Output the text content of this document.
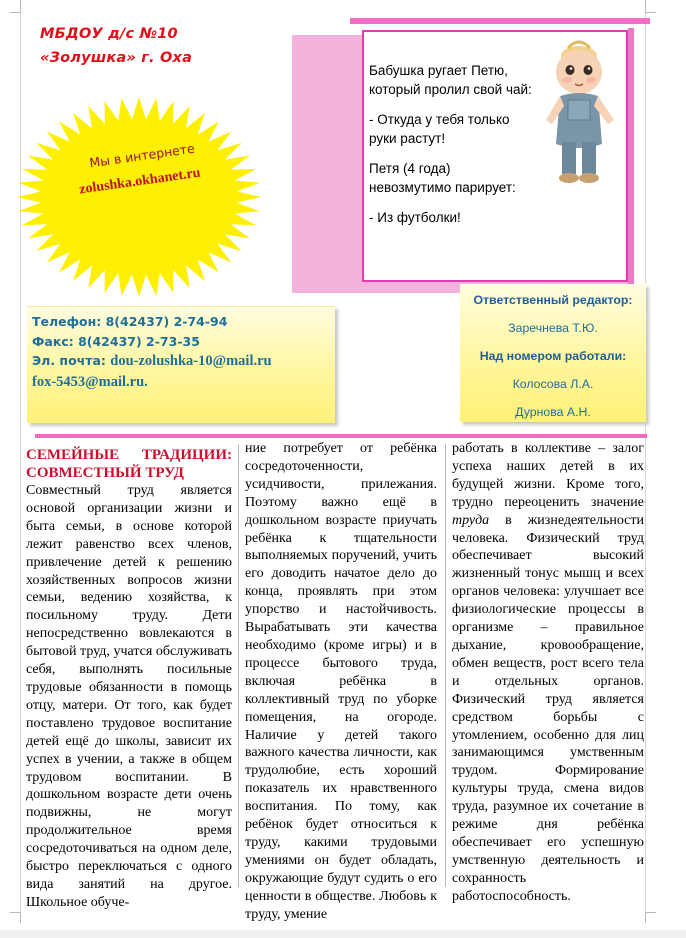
МБДОУ д/с №10
«Золушка» г. Оха
Мы в интернете
zolushka.okhanet.ru

Бабушка ругает Петю, который пролил свой чай:

- Откуда у тебя только руки растут!

Петя (4 года) невозмутимо парирует:

- Из футболки!

Телефон: 8(42437) 2-74-94
Факс: 8(42437) 2-73-35
Эл. почта: dou-zolushka-10@mail.ru
fox-5453@mail.ru.
Ответственный редактор:
Заречнева Т.Ю.
Над номером работали:
Колосова Л.А.
Дурнова А.Н.
СЕМЕЙНЫЕ ТРАДИЦИИ: СОВМЕСТНЫЙ ТРУД
Совместный труд является основой организации жизни и быта семьи, в основе которой лежит равенство всех членов, привлечение детей к решению хозяйственных вопросов жизни семьи, ведению хозяйства, к посильному труду. Дети непосредственно вовлекаются в бытовой труд, учатся обслуживать себя, выполнять посильные трудовые обязанности в помощь отцу, матери. От того, как будет поставлено трудовое воспитание детей ещё до школы, зависит их успех в учении, а также в общем трудовом воспитании. В дошкольном возрасте дети очень подвижны, не могут продолжительное время сосредоточиваться на одном деле, быстро переключаться с одного вида занятий на другое. Школьное обуче-
ние потребует от ребёнка сосредоточенности, усидчивости, прилежания. Поэтому важно ещё в дошкольном возрасте приучать ребёнка к тщательности выполняемых поручений, учить его доводить начатое дело до конца, проявлять при этом упорство и настойчивость. Вырабатывать эти качества необходимо (кроме игры) и в процессе бытового труда, включая ребёнка в коллективный труд по уборке помещения, на огороде. Наличие у детей такого важного качества личности, как трудолюбие, есть хороший показатель их нравственного воспитания. По тому, как ребёнок будет относиться к труду, какими трудовыми умениями он будет обладать, окружающие будут судить о его ценности в обществе. Любовь к труду, умение
работать в коллективе – залог успеха наших детей в их будущей жизни. Кроме того, трудно переоценить значение труда в жизнедеятельности человека. Физический труд обеспечивает высокий жизненный тонус мышц и всех органов человека: улучшает все физиологические процессы в организме – правильное дыхание, кровообращение, обмен веществ, рост всего тела и отдельных органов. Физический труд является средством борьбы с утомлением, особенно для лиц занимающимся умственным трудом. Формирование культуры труда, смена видов труда, разумное их сочетание в режиме дня ребёнка обеспечивает его успешную умственную деятельность и сохранность работоспособность.
